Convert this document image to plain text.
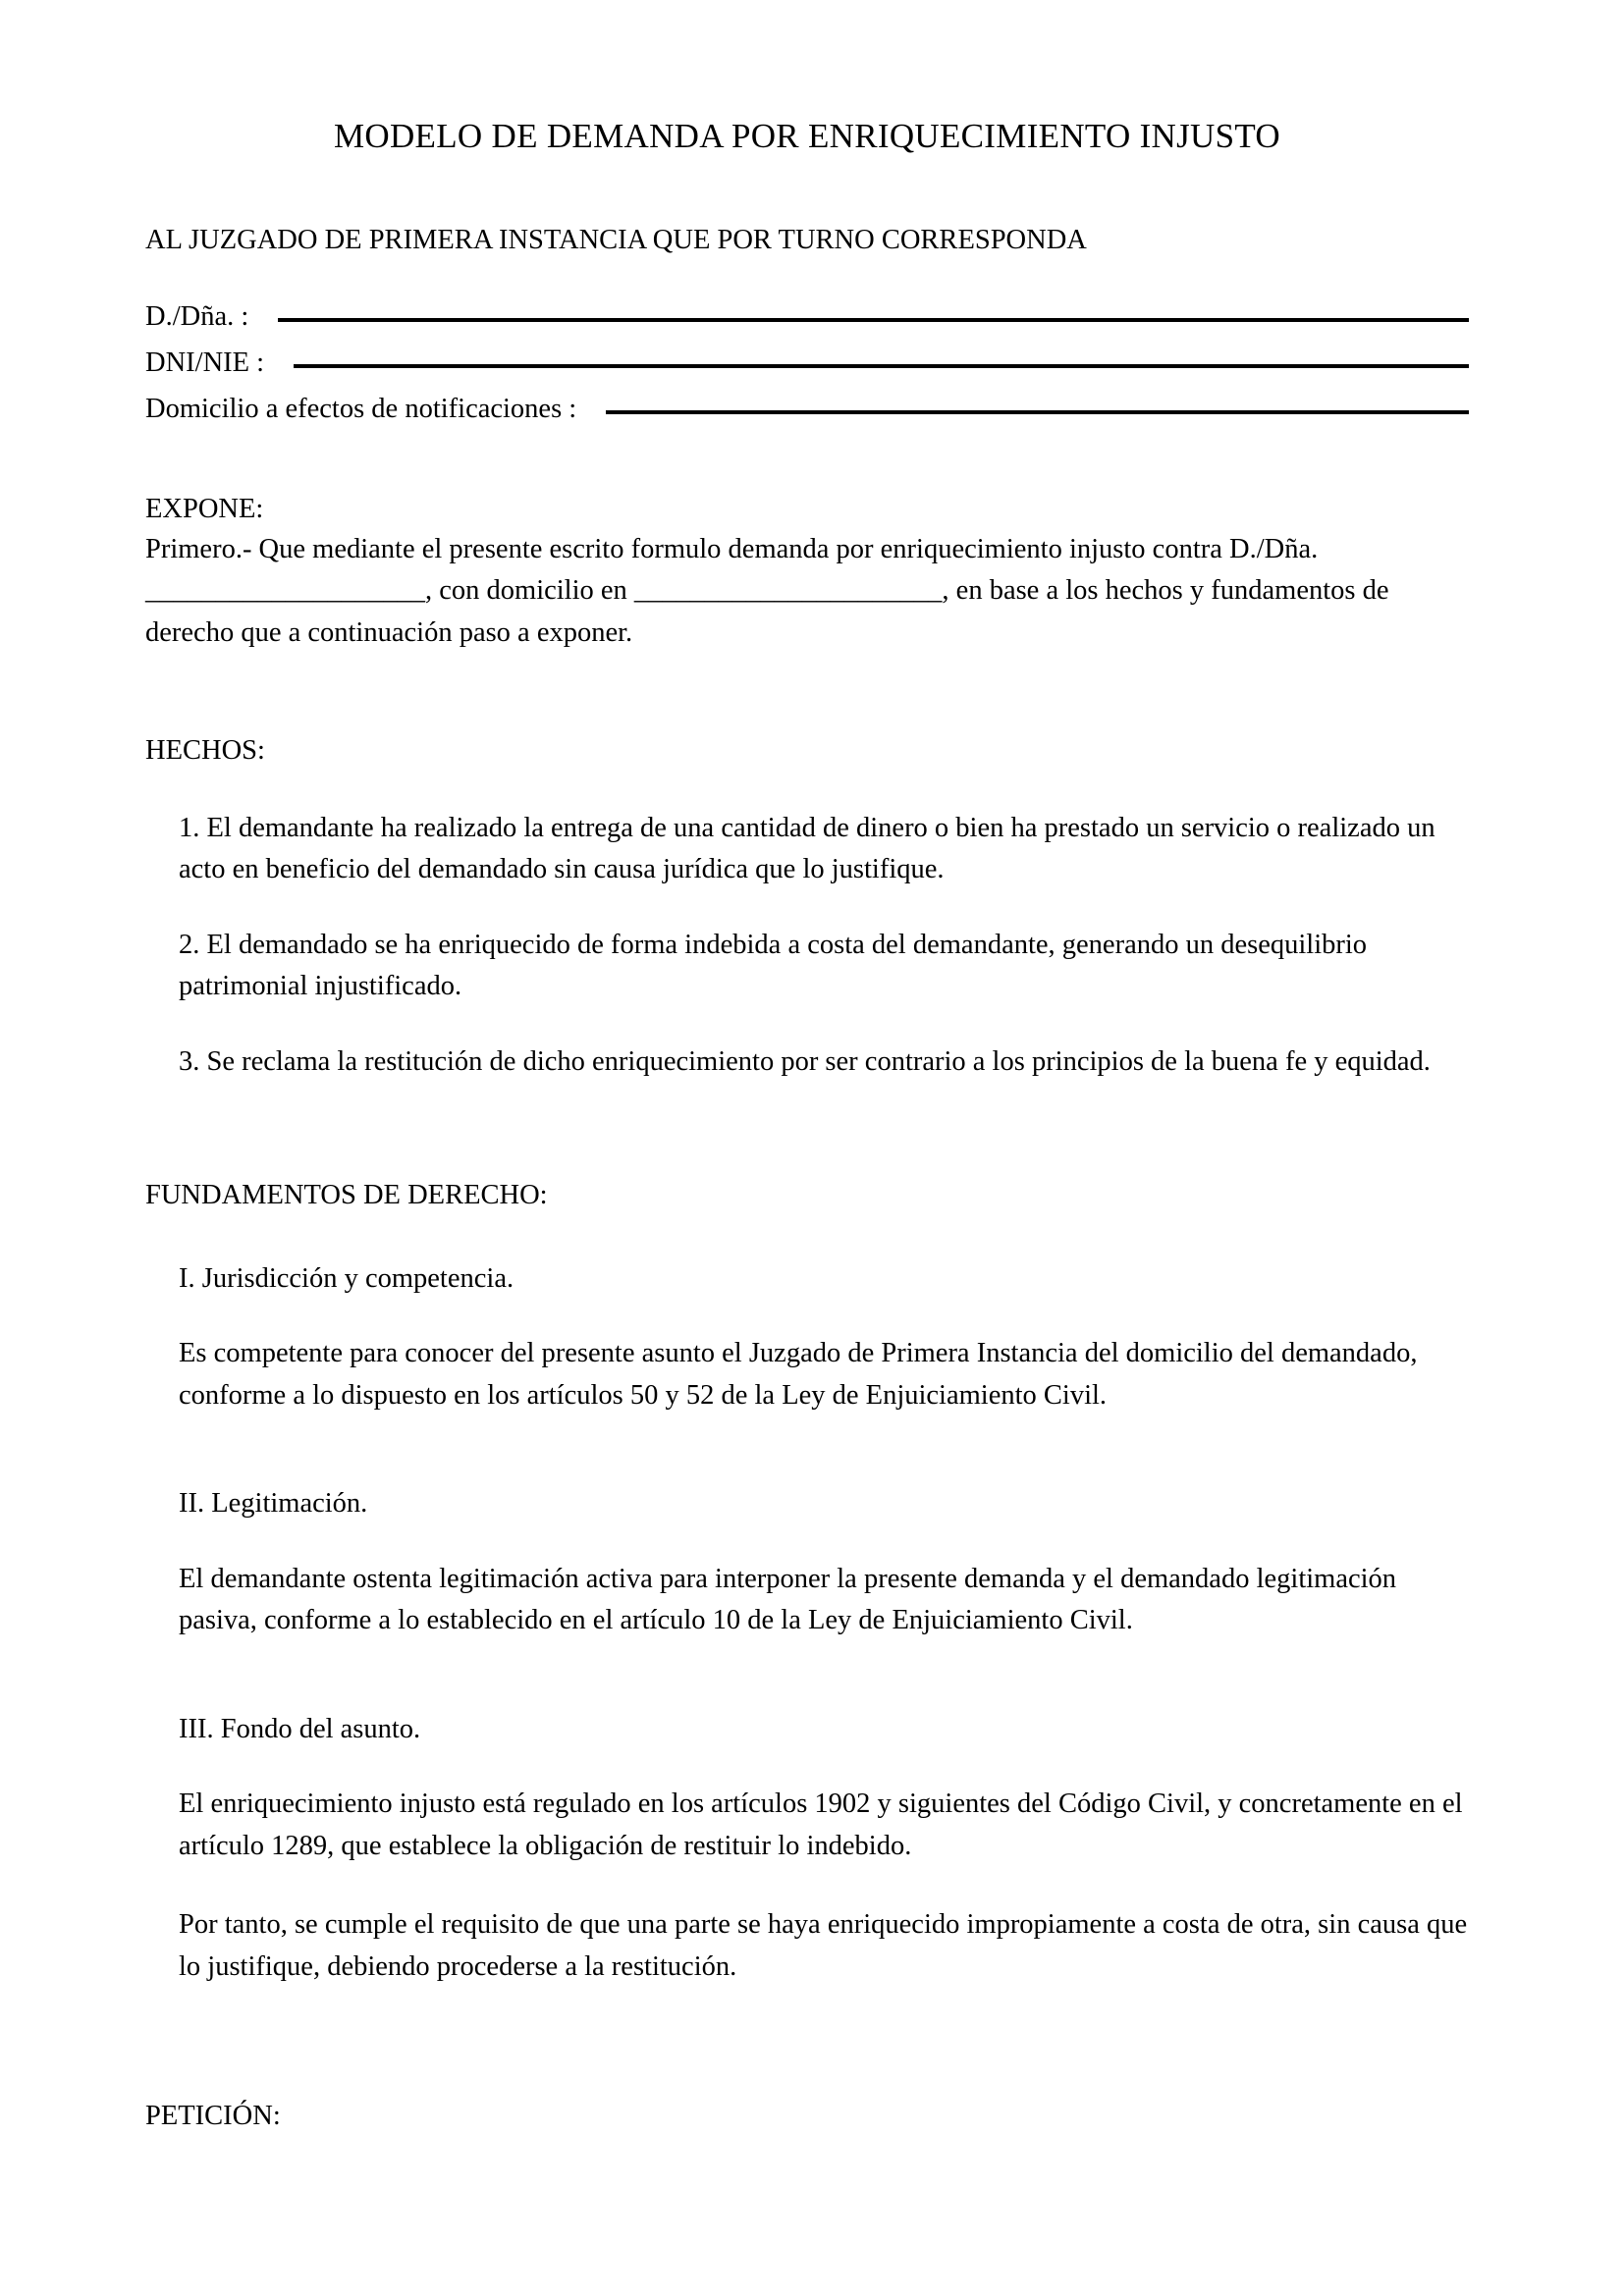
MODELO DE DEMANDA POR ENRIQUECIMIENTO INJUSTO
AL JUZGADO DE PRIMERA INSTANCIA QUE POR TURNO CORRESPONDA
D./Dña. :
DNI/NIE :
Domicilio a efectos de notificaciones :
EXPONE:

Primero.- Que mediante el presente escrito formulo demanda por enriquecimiento injusto contra D./Dña. ____________________, con domicilio en ______________________, en base a los hechos y fundamentos de derecho que a continuación paso a exponer.

HECHOS:

1. El demandante ha realizado la entrega de una cantidad de dinero o bien ha prestado un servicio o realizado un acto en beneficio del demandado sin causa jurídica que lo justifique.

2. El demandado se ha enriquecido de forma indebida a costa del demandante, generando un desequilibrio patrimonial injustificado.

3. Se reclama la restitución de dicho enriquecimiento por ser contrario a los principios de la buena fe y equidad.

FUNDAMENTOS DE DERECHO:

I. Jurisdicción y competencia.

Es competente para conocer del presente asunto el Juzgado de Primera Instancia del domicilio del demandado, conforme a lo dispuesto en los artículos 50 y 52 de la Ley de Enjuiciamiento Civil.

II. Legitimación.

El demandante ostenta legitimación activa para interponer la presente demanda y el demandado legitimación pasiva, conforme a lo establecido en el artículo 10 de la Ley de Enjuiciamiento Civil.

III. Fondo del asunto.

El enriquecimiento injusto está regulado en los artículos 1902 y siguientes del Código Civil, y concretamente en el artículo 1289, que establece la obligación de restituir lo indebido.

Por tanto, se cumple el requisito de que una parte se haya enriquecido impropiamente a costa de otra, sin causa que lo justifique, debiendo procederse a la restitución.

PETICIÓN:
